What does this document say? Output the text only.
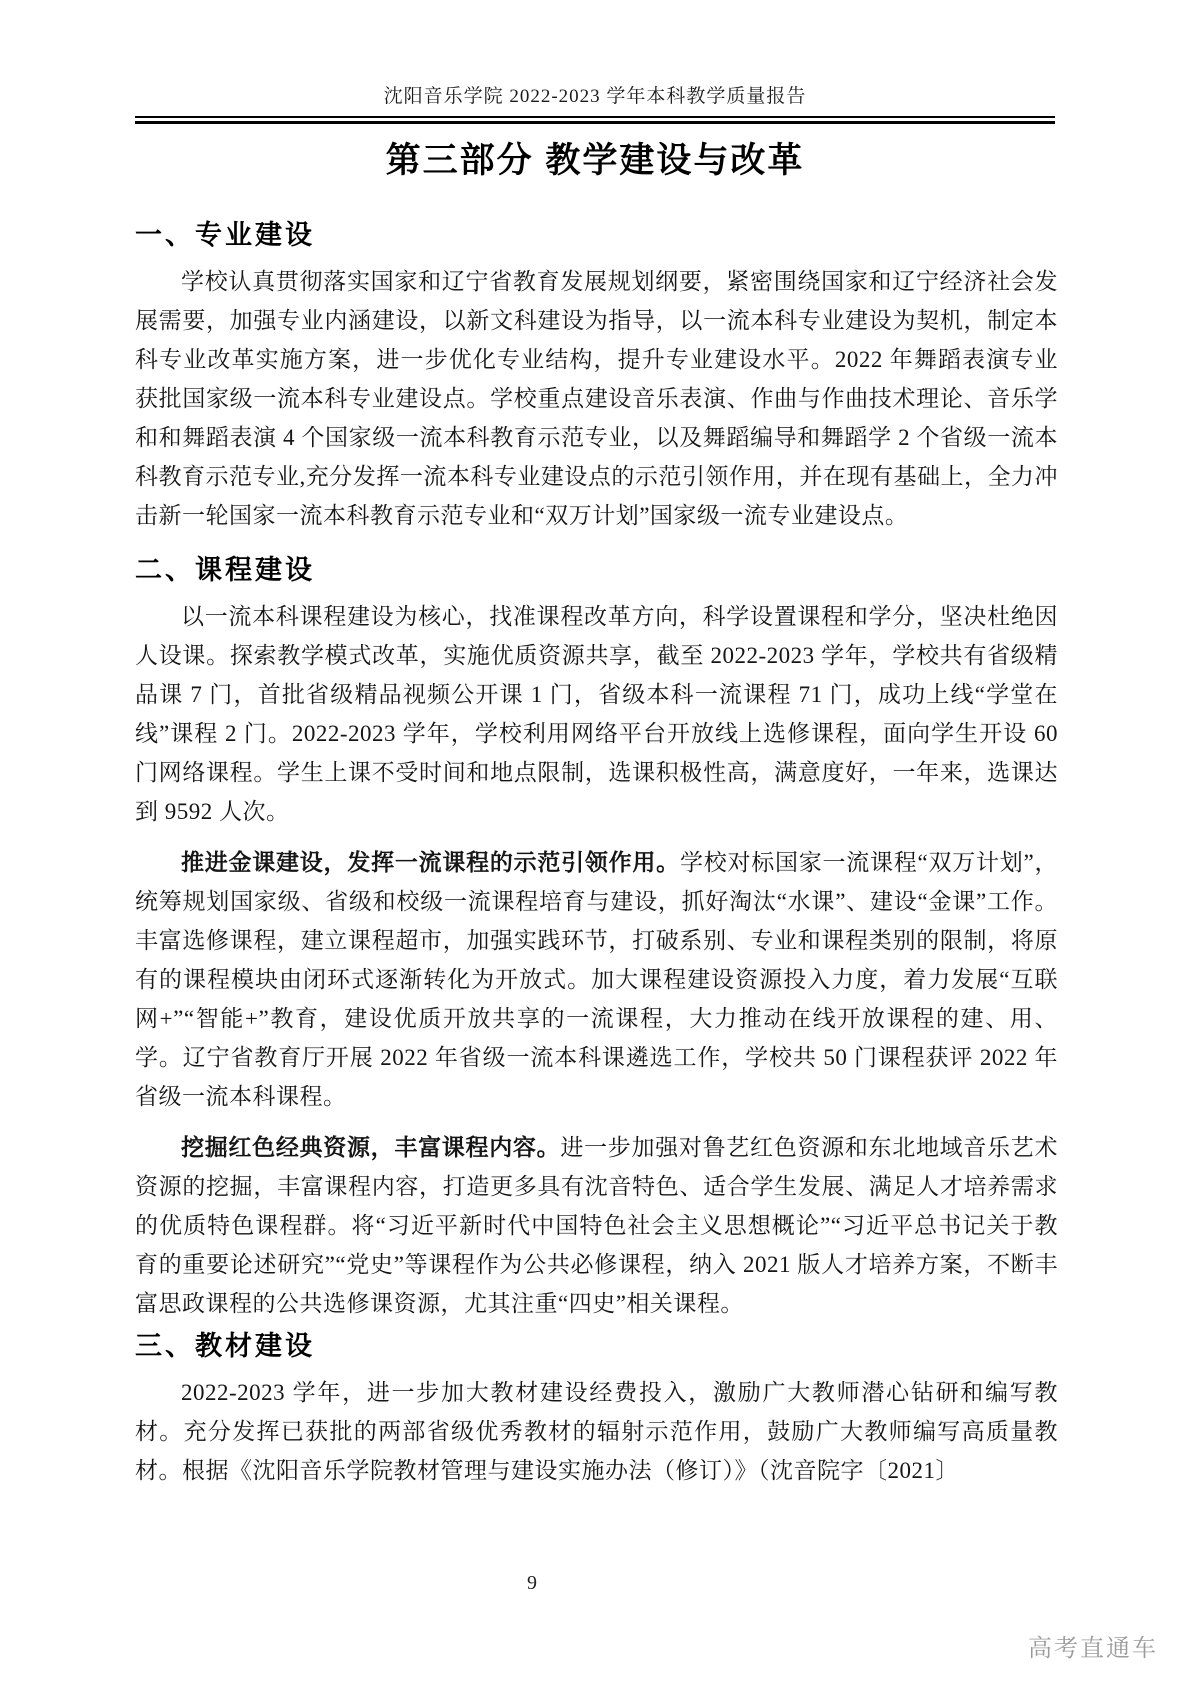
沈阳音乐学院 2022-2023 学年本科教学质量报告
第三部分 教学建设与改革
一、专业建设

学校认真贯彻落实国家和辽宁省教育发展规划纲要，紧密围绕国家和辽宁经济社会发展需要，加强专业内涵建设，以新文科建设为指导，以一流本科专业建设为契机，制定本科专业改革实施方案，进一步优化专业结构，提升专业建设水平。2022 年舞蹈表演专业获批国家级一流本科专业建设点。学校重点建设音乐表演、作曲与作曲技术理论、音乐学和和舞蹈表演 4 个国家级一流本科教育示范专业，以及舞蹈编导和舞蹈学 2 个省级一流本科教育示范专业,充分发挥一流本科专业建设点的示范引领作用，并在现有基础上，全力冲击新一轮国家一流本科教育示范专业和“双万计划”国家级一流专业建设点。

二、课程建设

以一流本科课程建设为核心，找准课程改革方向，科学设置课程和学分，坚决杜绝因人设课。探索教学模式改革，实施优质资源共享，截至 2022-2023 学年，学校共有省级精品课 7 门，首批省级精品视频公开课 1 门，省级本科一流课程 71 门，成功上线“学堂在线”课程 2 门。2022-2023 学年，学校利用网络平台开放线上选修课程，面向学生开设 60 门网络课程。学生上课不受时间和地点限制，选课积极性高，满意度好，一年来，选课达到 9592 人次。

推进金课建设，发挥一流课程的示范引领作用。学校对标国家一流课程“双万计划”，统筹规划国家级、省级和校级一流课程培育与建设，抓好淘汰“水课”、建设“金课”工作。丰富选修课程，建立课程超市，加强实践环节，打破系别、专业和课程类别的限制，将原有的课程模块由闭环式逐渐转化为开放式。加大课程建设资源投入力度，着力发展“互联网+”“智能+”教育，建设优质开放共享的一流课程，大力推动在线开放课程的建、用、学。辽宁省教育厅开展 2022 年省级一流本科课遴选工作，学校共 50 门课程获评 2022 年省级一流本科课程。

挖掘红色经典资源，丰富课程内容。进一步加强对鲁艺红色资源和东北地域音乐艺术资源的挖掘，丰富课程内容，打造更多具有沈音特色、适合学生发展、满足人才培养需求的优质特色课程群。将“习近平新时代中国特色社会主义思想概论”“习近平总书记关于教育的重要论述研究”“党史”等课程作为公共必修课程，纳入 2021 版人才培养方案，不断丰富思政课程的公共选修课资源，尤其注重“四史”相关课程。

三、教材建设

2022-2023 学年，进一步加大教材建设经费投入，激励广大教师潜心钻研和编写教材。充分发挥已获批的两部省级优秀教材的辐射示范作用，鼓励广大教师编写高质量教材。根据《沈阳音乐学院教材管理与建设实施办法（修订）》（沈音院字〔2021〕

9
高考直通车
